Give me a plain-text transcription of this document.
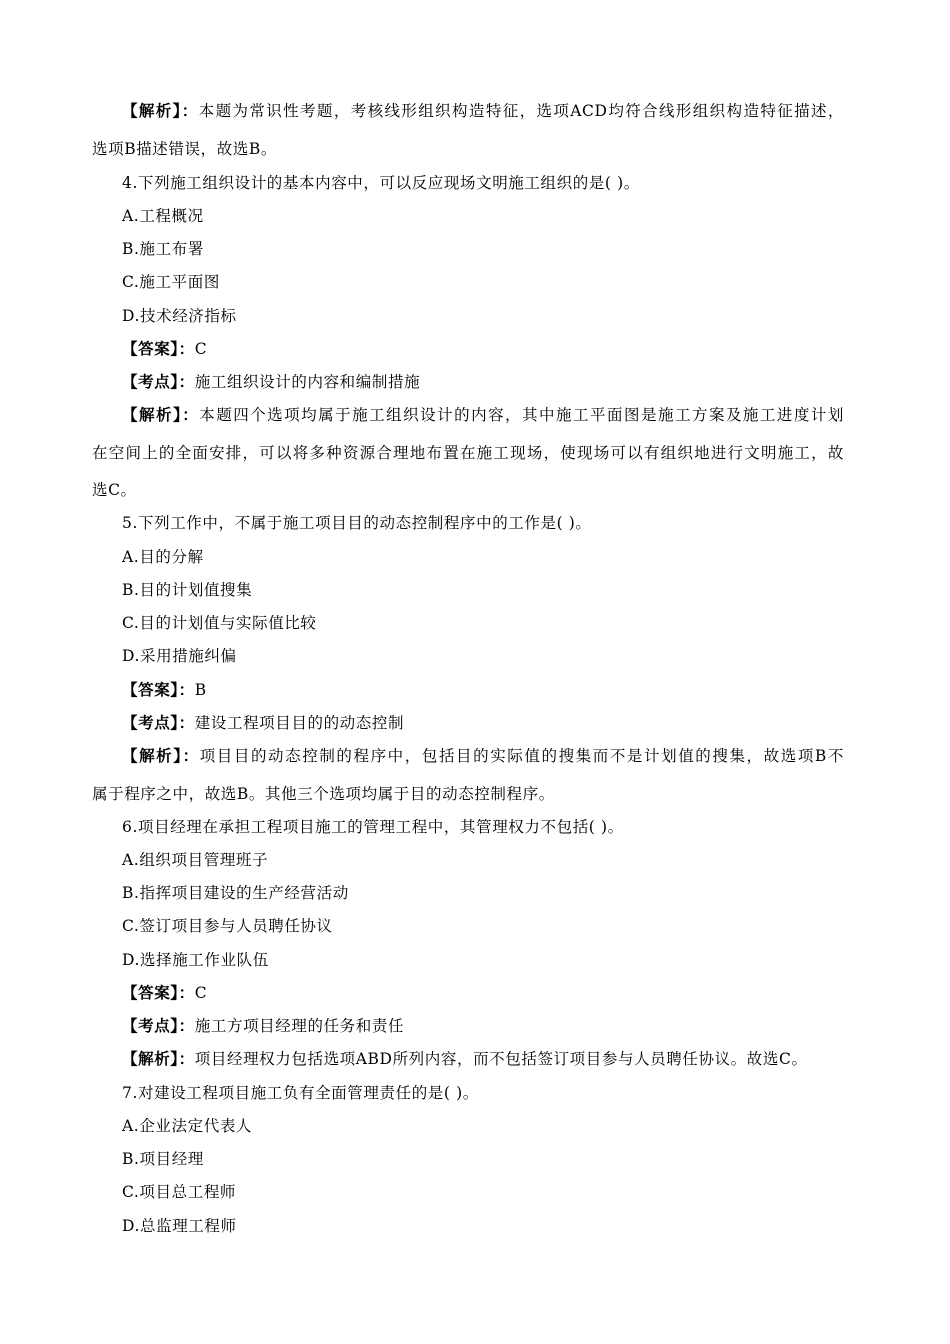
【解析】：本题为常识性考题，考核线形组织构造特征，选项ACD均符合线形组织构造特征描述，
选项B描述错误，故选B。
4.下列施工组织设计的基本内容中，可以反应现场文明施工组织的是( )。
A.工程概况
B.施工布署
C.施工平面图
D.技术经济指标
【答案】：C
【考点】：施工组织设计的内容和编制措施
【解析】：本题四个选项均属于施工组织设计的内容，其中施工平面图是施工方案及施工进度计划
在空间上的全面安排，可以将多种资源合理地布置在施工现场，使现场可以有组织地进行文明施工，故
选C。
5.下列工作中，不属于施工项目目的动态控制程序中的工作是( )。
A.目的分解
B.目的计划值搜集
C.目的计划值与实际值比较
D.采用措施纠偏
【答案】：B
【考点】：建设工程项目目的的动态控制
【解析】：项目目的动态控制的程序中，包括目的实际值的搜集而不是计划值的搜集，故选项B不
属于程序之中，故选B。其他三个选项均属于目的动态控制程序。
6.项目经理在承担工程项目施工的管理工程中，其管理权力不包括( )。
A.组织项目管理班子
B.指挥项目建设的生产经营活动
C.签订项目参与人员聘任协议
D.选择施工作业队伍
【答案】：C
【考点】：施工方项目经理的任务和责任
【解析】：项目经理权力包括选项ABD所列内容，而不包括签订项目参与人员聘任协议。故选C。
7.对建设工程项目施工负有全面管理责任的是( )。
A.企业法定代表人
B.项目经理
C.项目总工程师
D.总监理工程师
